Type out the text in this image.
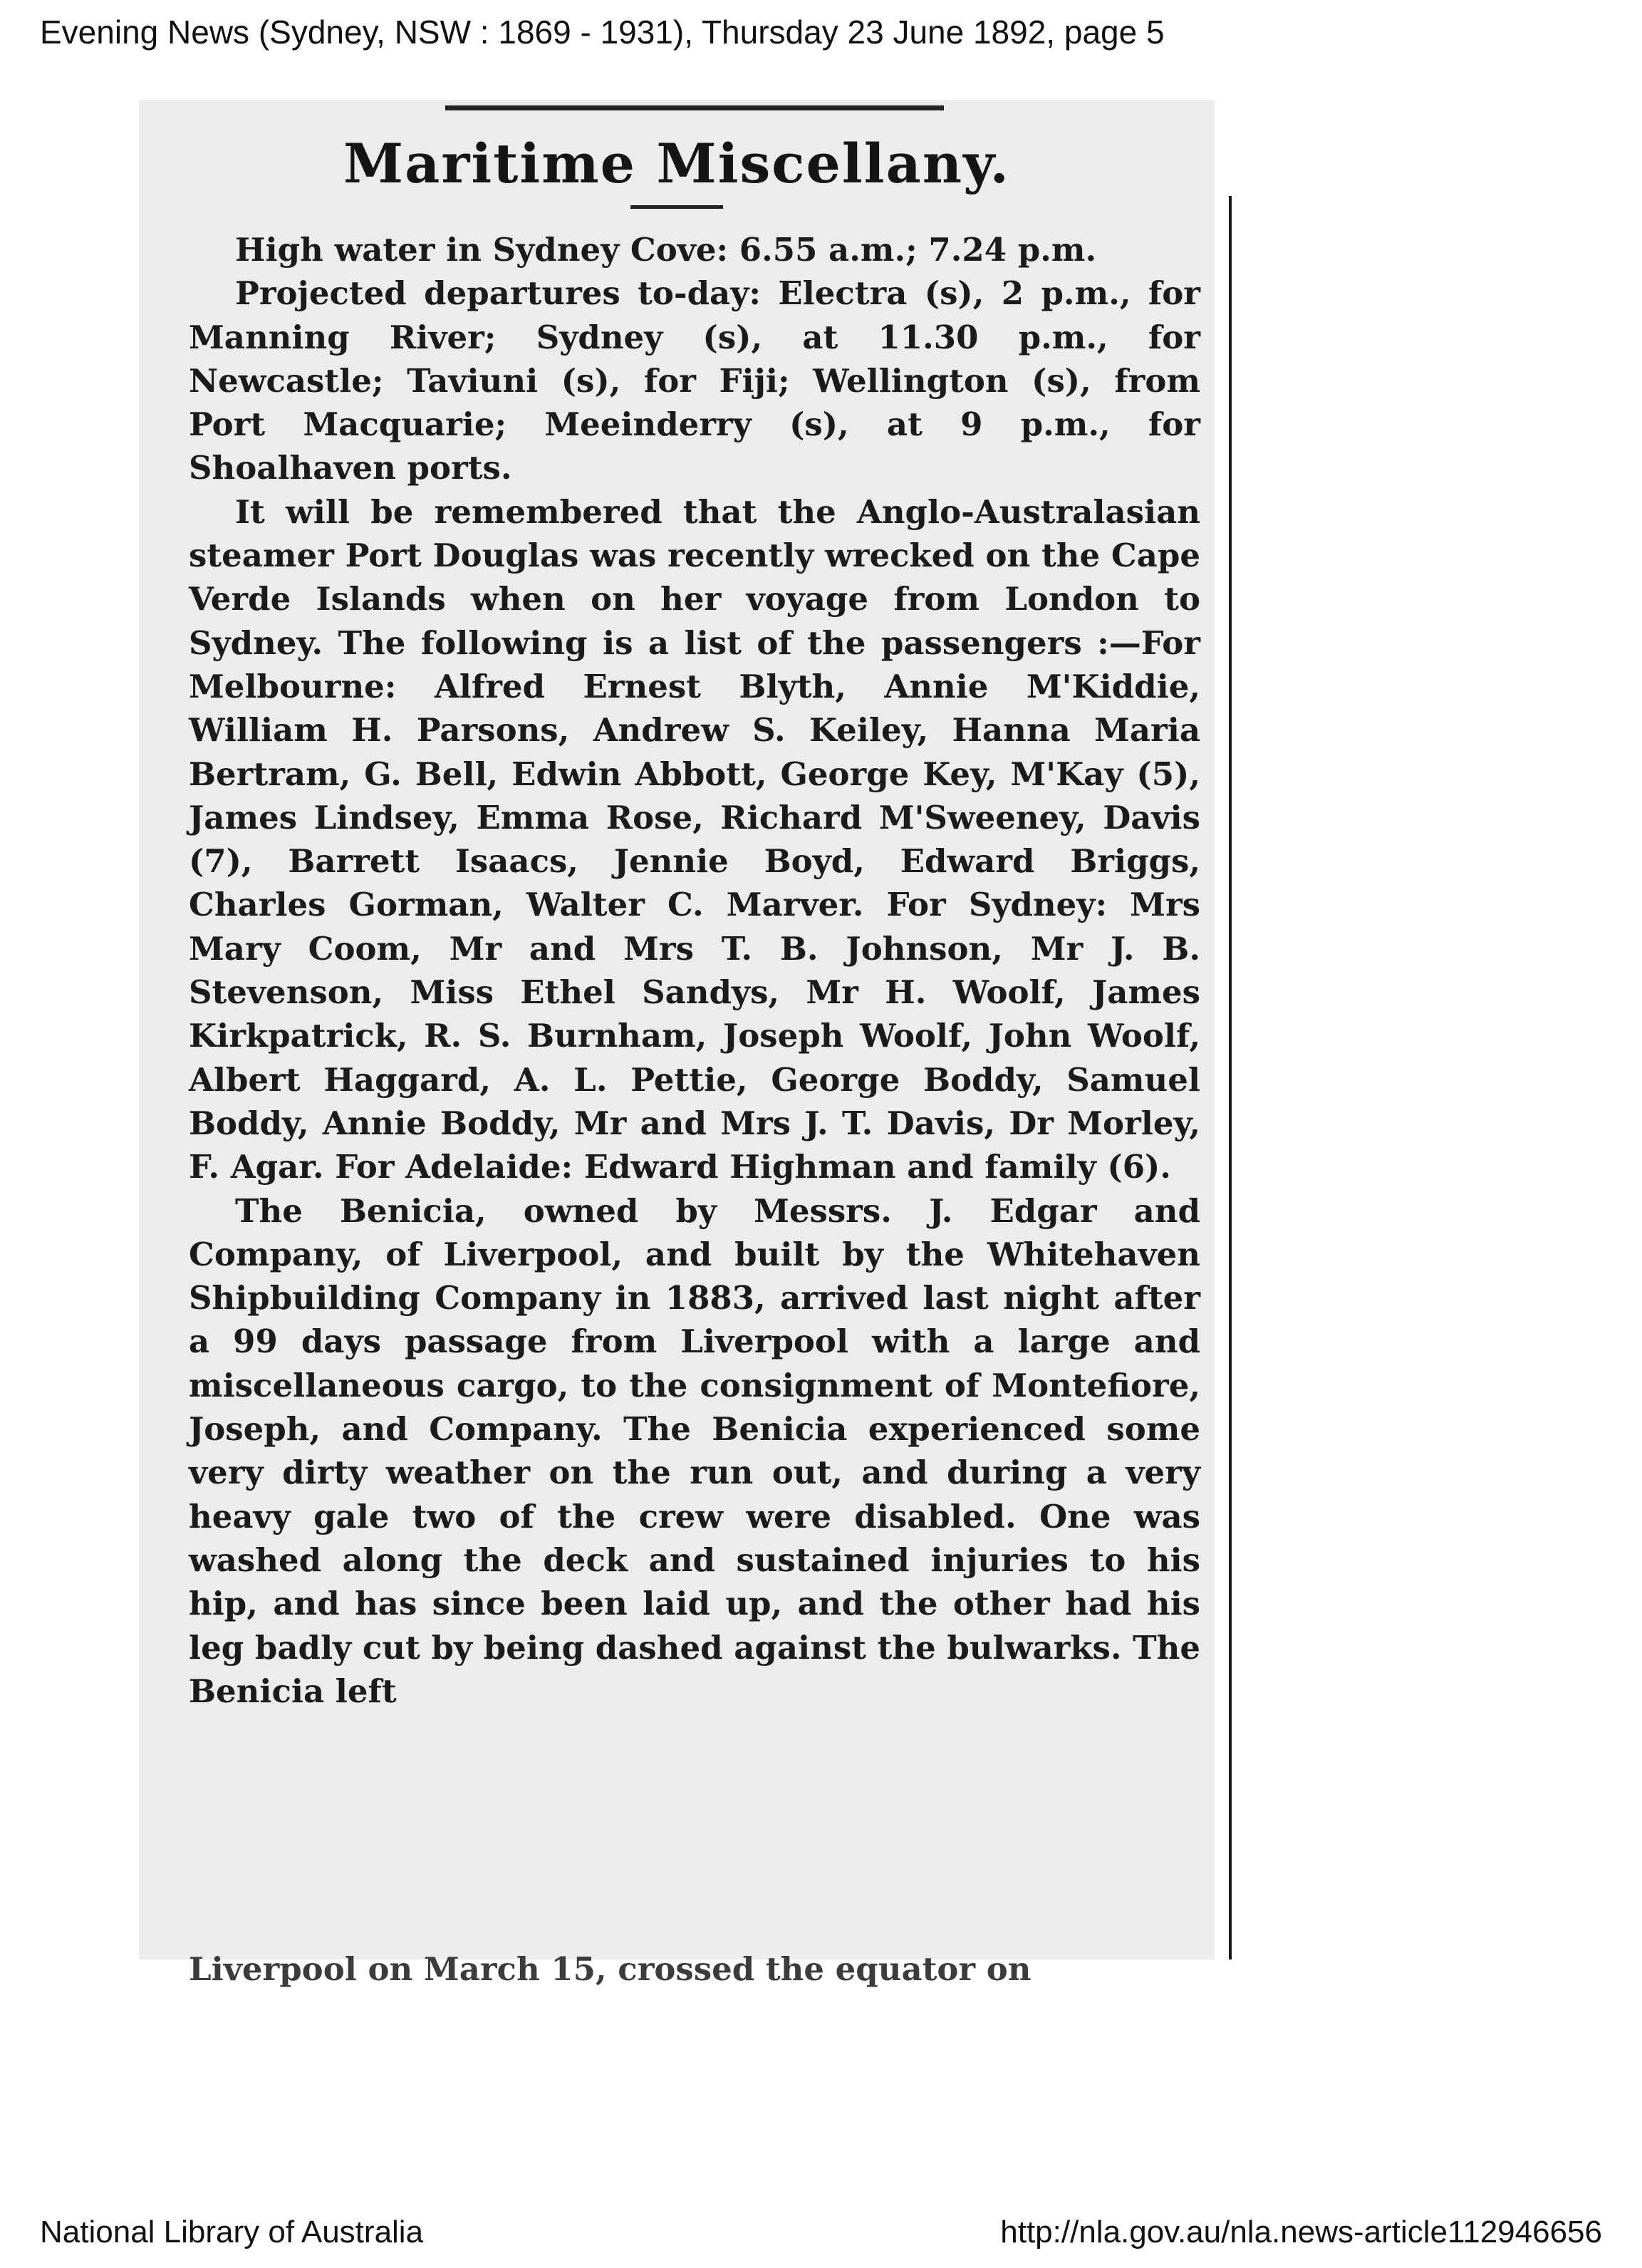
Evening News (Sydney, NSW : 1869 - 1931), Thursday 23 June 1892, page 5
Maritime Miscellany.

High water in Sydney Cove: 6.55 a.m.; 7.24 p.m.

Projected departures to-day: Electra (s), 2 p.m., for Manning River; Sydney (s), at 11.30 p.m., for Newcastle; Taviuni (s), for Fiji; Wellington (s), from Port Macquarie; Meeinderry (s), at 9 p.m., for Shoalhaven ports.

It will be remembered that the Anglo-Australasian steamer Port Douglas was recently wrecked on the Cape Verde Islands when on her voyage from London to Sydney. The following is a list of the passengers :—For Melbourne: Alfred Ernest Blyth, Annie M'Kiddie, William H. Parsons, Andrew S. Keiley, Hanna Maria Bertram, G. Bell, Edwin Abbott, George Key, M'Kay (5), James Lindsey, Emma Rose, Richard M'Sweeney, Davis (7), Barrett Isaacs, Jennie Boyd, Edward Briggs, Charles Gorman, Walter C. Marver. For Sydney: Mrs Mary Coom, Mr and Mrs T. B. Johnson, Mr J. B. Stevenson, Miss Ethel Sandys, Mr H. Woolf, James Kirkpatrick, R. S. Burnham, Joseph Woolf, John Woolf, Albert Haggard, A. L. Pettie, George Boddy, Samuel Boddy, Annie Boddy, Mr and Mrs J. T. Davis, Dr Morley, F. Agar. For Adelaide: Edward Highman and family (6).

The Benicia, owned by Messrs. J. Edgar and Company, of Liverpool, and built by the Whitehaven Shipbuilding Company in 1883, arrived last night after a 99 days passage from Liverpool with a large and miscellaneous cargo, to the consignment of Montefiore, Joseph, and Company. The Benicia experienced some very dirty weather on the run out, and during a very heavy gale two of the crew were disabled. One was washed along the deck and sustained injuries to his hip, and has since been laid up, and the other had his leg badly cut by being dashed against the bulwarks. The Benicia left

Liverpool on March 15, crossed the equator on
National Library of Australia	http://nla.gov.au/nla.news-article112946656
